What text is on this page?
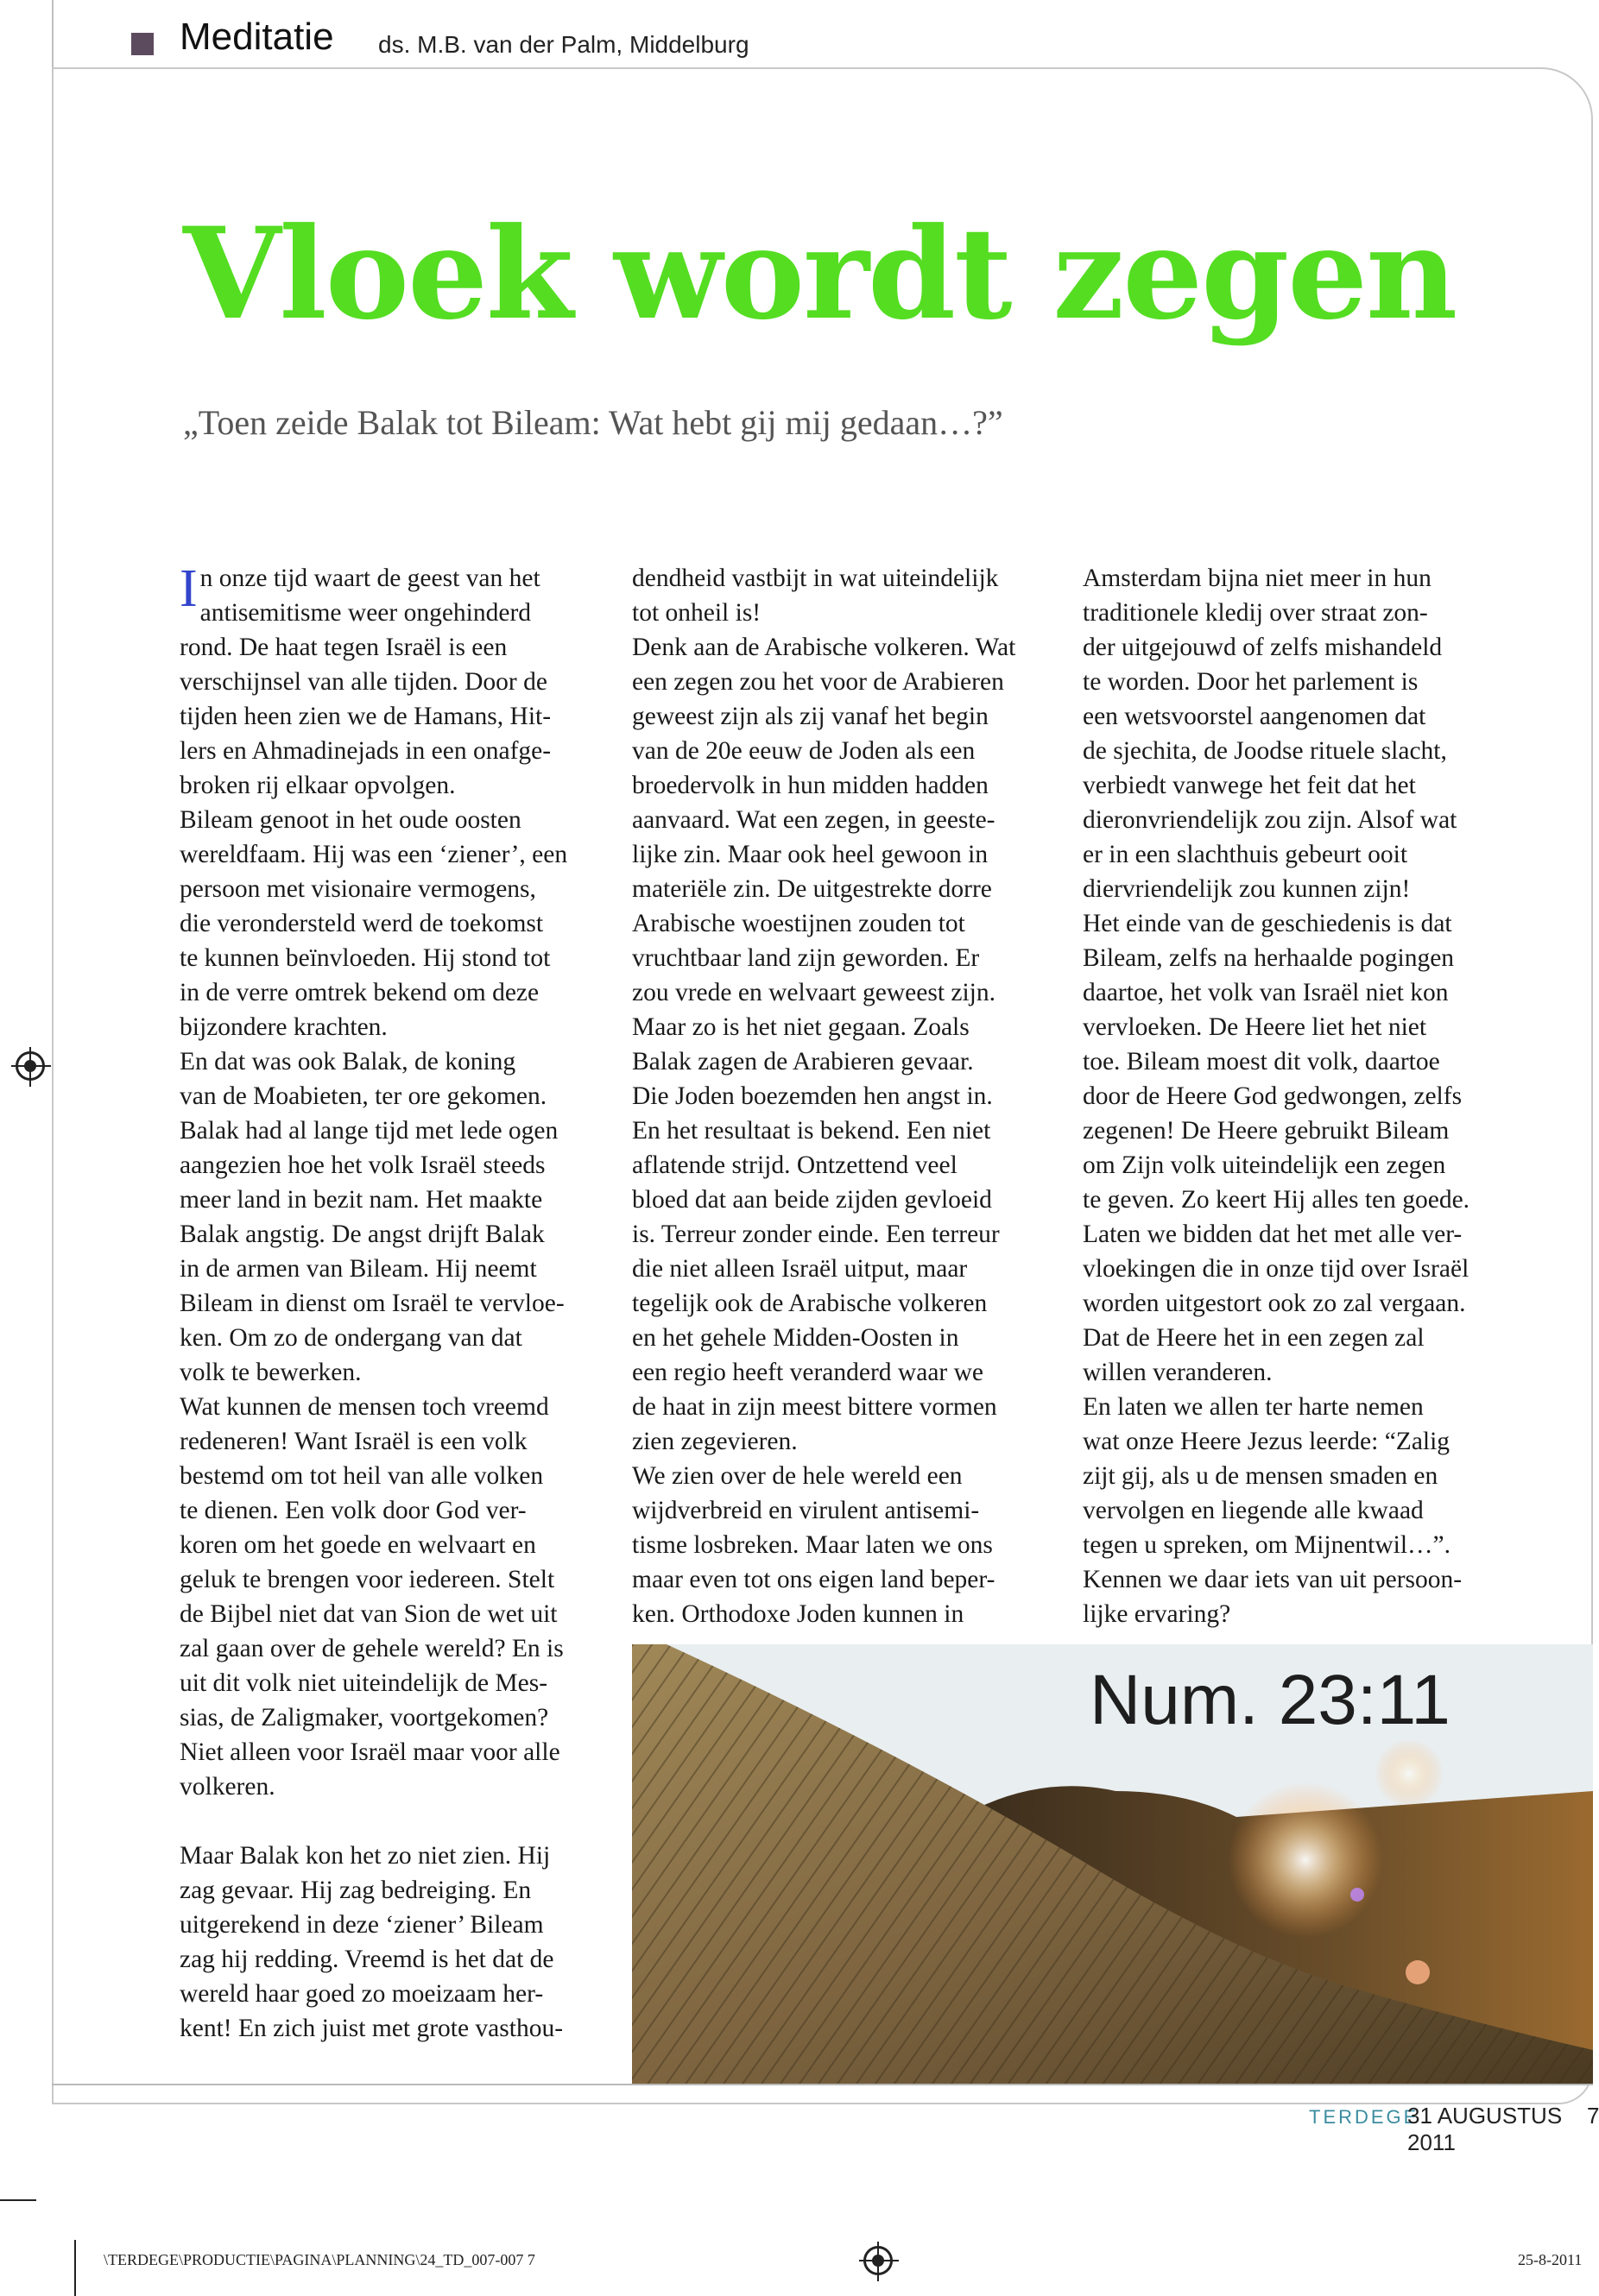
Meditatie ds. M.B. van der Palm, Middelburg
Vloek wordt zegen
„Toen zeide Balak tot Bileam: Wat hebt gij mij gedaan…?”
I n onze tijd waart de geest van het

antisemitisme weer ongehinderd

rond. De haat tegen Israël is een

verschijnsel van alle tijden. Door de

tijden heen zien we de Hamans, Hit-

lers en Ahmadinejads in een onafge-

broken rij elkaar opvolgen.

Bileam genoot in het oude oosten

wereldfaam. Hij was een ‘ziener’, een

persoon met visionaire vermogens,

die verondersteld werd de toekomst

te kunnen beïnvloeden. Hij stond tot

in de verre omtrek bekend om deze

bijzondere krachten.

En dat was ook Balak, de koning

van de Moabieten, ter ore gekomen.

Balak had al lange tijd met lede ogen

aangezien hoe het volk Israël steeds

meer land in bezit nam. Het maakte

Balak angstig. De angst drijft Balak

in de armen van Bileam. Hij neemt

Bileam in dienst om Israël te vervloe-

ken. Om zo de ondergang van dat

volk te bewerken.

Wat kunnen de mensen toch vreemd

redeneren! Want Israël is een volk

bestemd om tot heil van alle volken

te dienen. Een volk door God ver-

koren om het goede en welvaart en

geluk te brengen voor iedereen. Stelt

de Bijbel niet dat van Sion de wet uit

zal gaan over de gehele wereld? En is

uit dit volk niet uiteindelijk de Mes-

sias, de Zaligmaker, voortgekomen?

Niet alleen voor Israël maar voor alle

volkeren.

Maar Balak kon het zo niet zien. Hij

zag gevaar. Hij zag bedreiging. En

uitgerekend in deze ‘ziener’ Bileam

zag hij redding. Vreemd is het dat de

wereld haar goed zo moeizaam her-

kent! En zich juist met grote vasthou-

dendheid vastbijt in wat uiteindelijk

tot onheil is!

Denk aan de Arabische volkeren. Wat

een zegen zou het voor de Arabieren

geweest zijn als zij vanaf het begin

van de 20e eeuw de Joden als een

broedervolk in hun midden hadden

aanvaard. Wat een zegen, in geeste-

lijke zin. Maar ook heel gewoon in

materiële zin. De uitgestrekte dorre

Arabische woestijnen zouden tot

vruchtbaar land zijn geworden. Er

zou vrede en welvaart geweest zijn.

Maar zo is het niet gegaan. Zoals

Balak zagen de Arabieren gevaar.

Die Joden boezemden hen angst in.

En het resultaat is bekend. Een niet

aflatende strijd. Ontzettend veel

bloed dat aan beide zijden gevloeid

is. Terreur zonder einde. Een terreur

die niet alleen Israël uitput, maar

tegelijk ook de Arabische volkeren

en het gehele Midden-Oosten in

een regio heeft veranderd waar we

de haat in zijn meest bittere vormen

zien zegevieren.

We zien over de hele wereld een

wijdverbreid en virulent antisemi-

tisme losbreken. Maar laten we ons

maar even tot ons eigen land beper-

ken. Orthodoxe Joden kunnen in

Amsterdam bijna niet meer in hun

traditionele kledij over straat zon-

der uitgejouwd of zelfs mishandeld

te worden. Door het parlement is

een wetsvoorstel aangenomen dat

de sjechita, de Joodse rituele slacht,

verbiedt vanwege het feit dat het

dieronvriendelijk zou zijn. Alsof wat

er in een slachthuis gebeurt ooit

diervriendelijk zou kunnen zijn!

Het einde van de geschiedenis is dat

Bileam, zelfs na herhaalde pogingen

daartoe, het volk van Israël niet kon

vervloeken. De Heere liet het niet

toe. Bileam moest dit volk, daartoe

door de Heere God gedwongen, zelfs

zegenen! De Heere gebruikt Bileam

om Zijn volk uiteindelijk een zegen

te geven. Zo keert Hij alles ten goede.

Laten we bidden dat het met alle ver-

vloekingen die in onze tijd over Israël

worden uitgestort ook zo zal vergaan.

Dat de Heere het in een zegen zal

willen veranderen.

En laten we allen ter harte nemen

wat onze Heere Jezus leerde: “Zalig

zijt gij, als u de mensen smaden en

vervolgen en liegende alle kwaad

tegen u spreken, om Mijnentwil…”.

Kennen we daar iets van uit persoon-

lijke ervaring?

Num. 23:11
TERDEGE
31 AUGUSTUS 2011
7
\TERDEGE\PRODUCTIE\PAGINA\PLANNING\24_TD_007-007 7	25-8-2011
